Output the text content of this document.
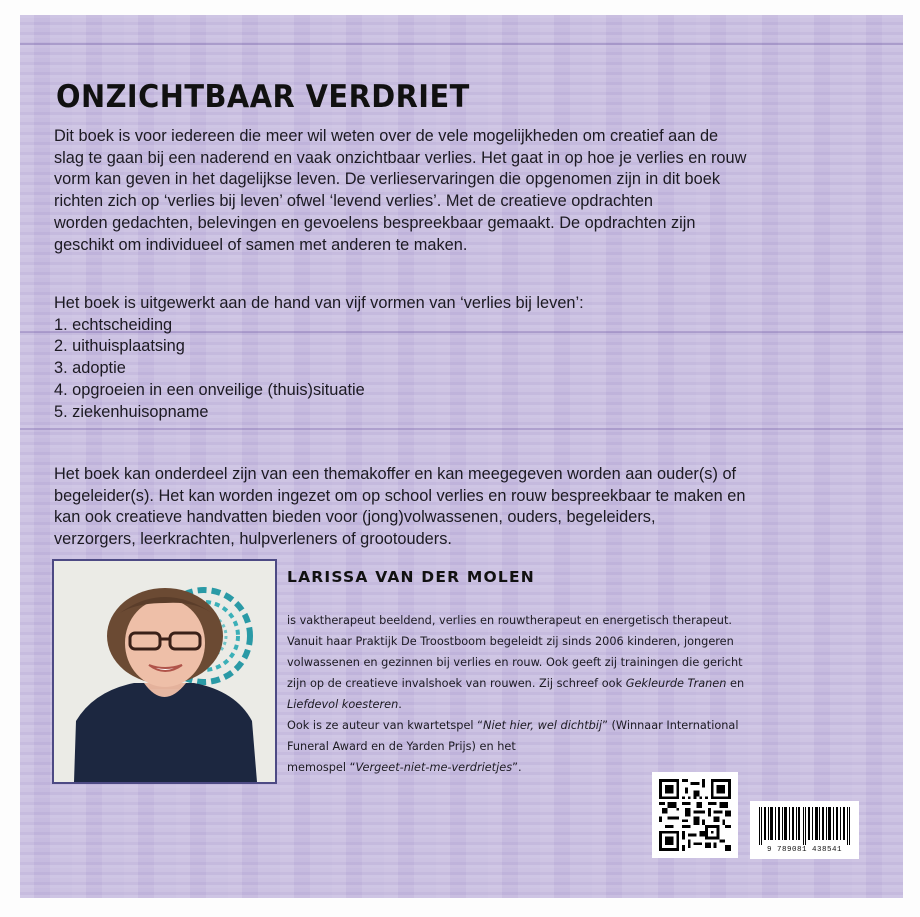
ONZICHTBAAR VERDRIET

Dit boek is voor iedereen die meer wil weten over de vele mogelijkheden om creatief aan de

slag te gaan bij een naderend en vaak onzichtbaar verlies. Het gaat in op hoe je verlies en rouw

vorm kan geven in het dagelijkse leven. De verlieservaringen die opgenomen zijn in dit boek

richten zich op ‘verlies bij leven’ ofwel ‘levend verlies’. Met de creatieve opdrachten

worden gedachten, belevingen en gevoelens bespreekbaar gemaakt. De opdrachten zijn

geschikt om individueel of samen met anderen te maken.

Het boek is uitgewerkt aan de hand van vijf vormen van ‘verlies bij leven’:

1. echtscheiding
2. uithuisplaatsing
3. adoptie
4. opgroeien in een onveilige (thuis)situatie
5. ziekenhuisopname

Het boek kan onderdeel zijn van een themakoffer en kan meegegeven worden aan ouder(s) of

begeleider(s). Het kan worden ingezet om op school verlies en rouw bespreekbaar te maken en

kan ook creatieve handvatten bieden voor (jong)volwassenen, ouders, begeleiders,

verzorgers, leerkrachten, hulpverleners of grootouders.

LARISSA VAN DER MOLEN

is vaktherapeut beeldend, verlies en rouwtherapeut en energetisch therapeut.

Vanuit haar Praktijk De Troostboom begeleidt zij sinds 2006 kinderen, jongeren

volwassenen en gezinnen bij verlies en rouw. Ook geeft zij trainingen die gericht

zijn op de creatieve invalshoek van rouwen. Zij schreef ook Gekleurde Tranen en

Liefdevol koesteren.

Ook is ze auteur van kwartetspel “Niet hier, wel dichtbij” (Winnaar International

Funeral Award en de Yarden Prijs) en het

memospel “Vergeet-niet-me-verdrietjes”.

9 789081 438541
